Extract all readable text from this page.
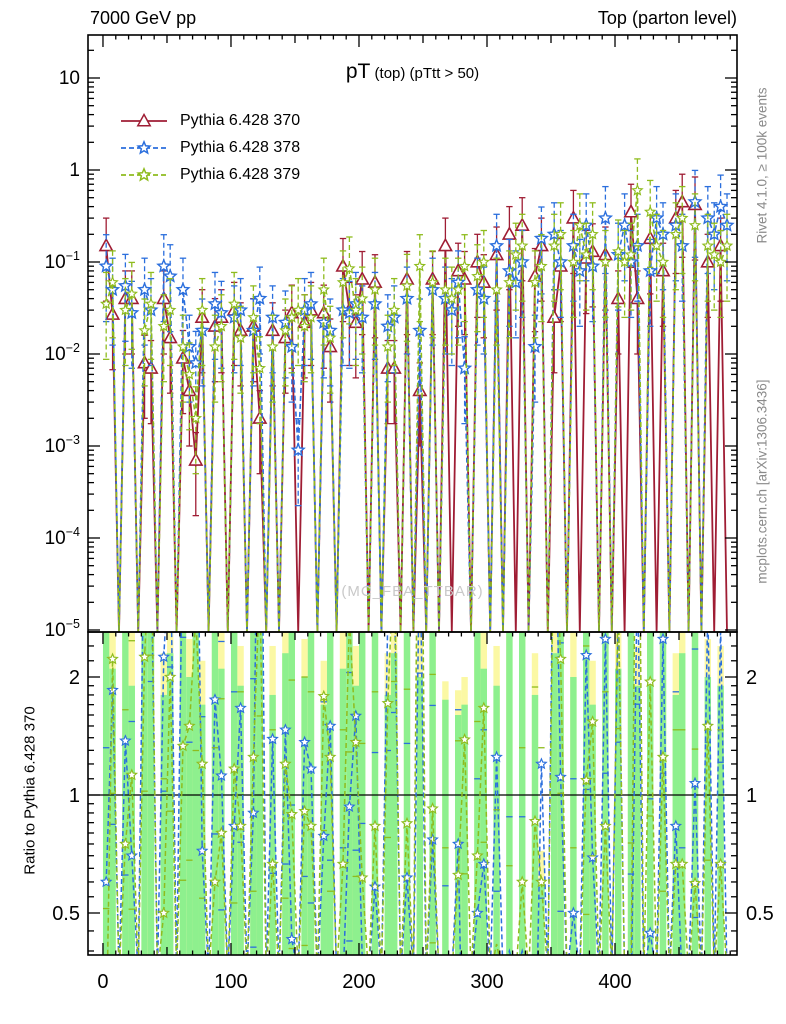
7000 GeV pp	Top (parton level)
0	100	200	300	400
10
1
$10^{-1}$
$10^{-2}$
$10^{-3}$
$10^{-4}$
$10^{-5}$
2	2
1	1
0.5	0.5
pT (top) (pTtt > 50)
Pythia 6.428 370
Pythia 6.428 378
Pythia 6.428 379
(MC_FBA_TTBAR)
Rivet 4.1.0, ≥ 100k events
mcplots.cern.ch [arXiv:1306.3436]
Ratio to Pythia 6.428 370
